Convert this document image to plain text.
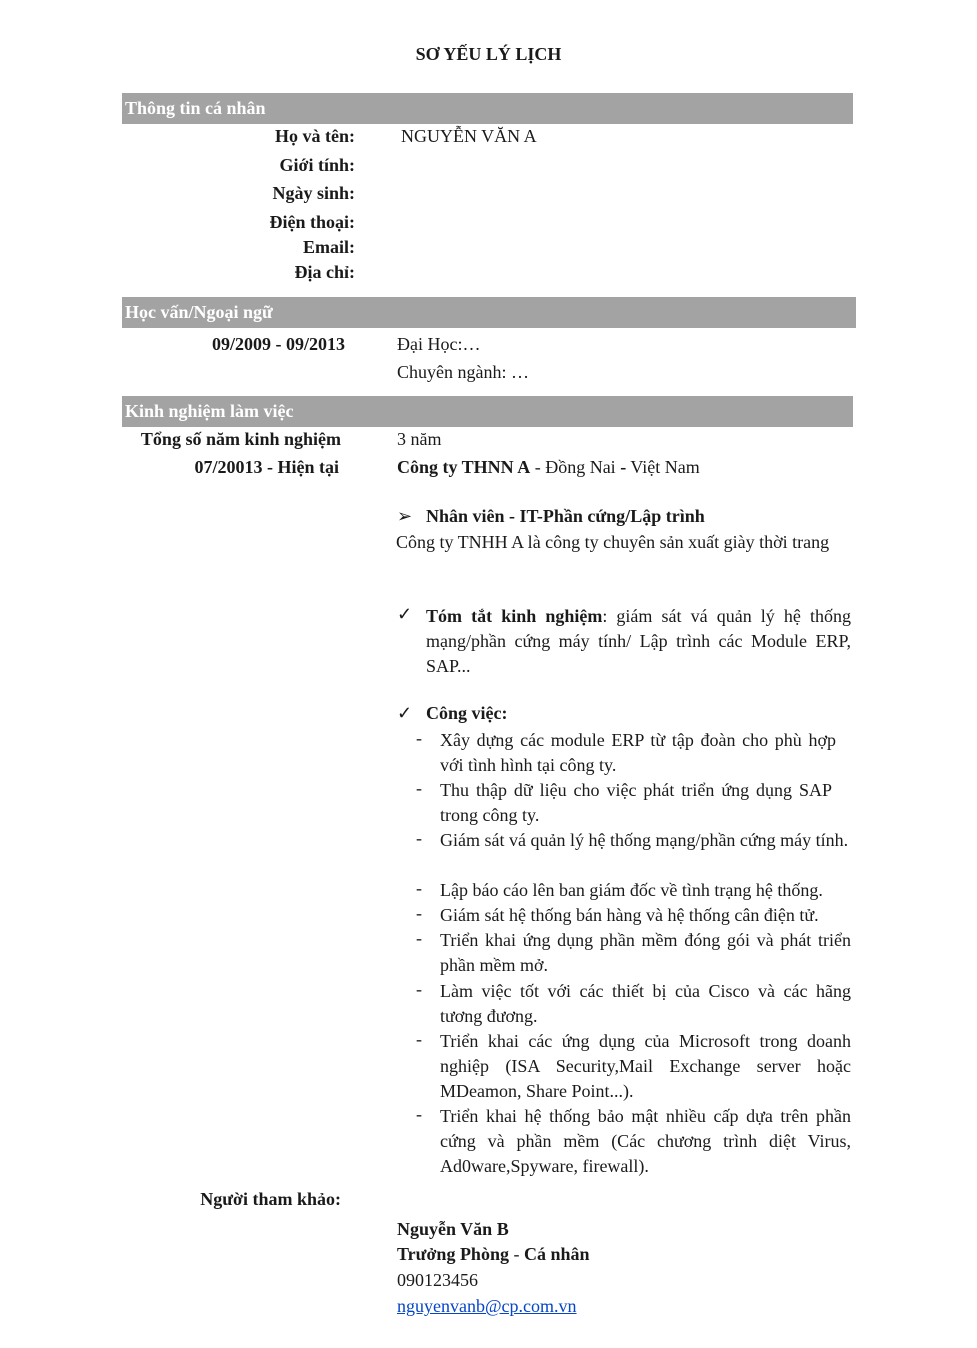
SƠ YẾU LÝ LỊCH
Thông tin cá nhân
Họ và tên:	NGUYỄN VĂN A
Giới tính:
Ngày sinh:
Điện thoại:
Email:
Địa chỉ:
Học vấn/Ngoại ngữ
09/2009 - 09/2013	Đại Học:…
Chuyên ngành: …
Kinh nghiệm làm việc
Tổng số năm kinh nghiệm	3 năm
07/20013 - Hiện tại	Công ty THNN A - Đồng Nai - Việt Nam
➢ Nhân viên - IT-Phần cứng/Lập trình
Công ty TNHH A là công ty chuyên sản xuất giày thời trang
✓ Tóm tắt kinh nghiệm: giám sát vá quản lý hệ thống mạng/phần cứng máy tính/ Lập trình các Module ERP, SAP...
✓ Công việc:
- Xây dựng các module ERP từ tập đoàn cho phù hợp với tình hình tại công ty.
- Thu thập dữ liệu cho việc phát triển ứng dụng SAP trong công ty.
- Giám sát vá quản lý hệ thống mạng/phần cứng máy tính.
- Lập báo cáo lên ban giám đốc về tình trạng hệ thống.
- Giám sát hệ thống bán hàng và hệ thống cân điện tử.
- Triển khai ứng dụng phần mềm đóng gói và phát triển phần mềm mở.
- Làm việc tốt với các thiết bị của Cisco và các hãng tương đương.
- Triển khai các ứng dụng của Microsoft trong doanh nghiệp (ISA Security,Mail Exchange server hoặc MDeamon, Share Point...).
- Triển khai hệ thống bảo mật nhiều cấp dựa trên phần cứng và phần mềm (Các chương trình diệt Virus, Ad0ware,Spyware, firewall).
Người tham khảo:
Nguyễn Văn B
Trưởng Phòng - Cá nhân
090123456
nguyenvanb@cp.com.vn
